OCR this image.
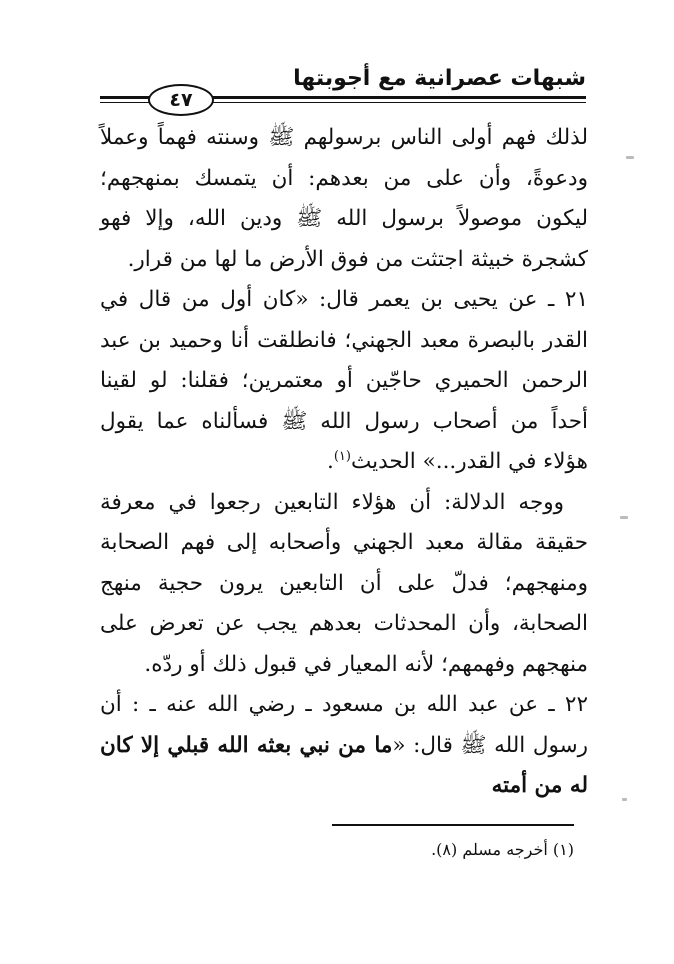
شبهات عصرانية مع أجوبتها
٤٧

لذلك فهم أولى الناس برسولهم ﷺ وسنته فهماً وعملاً ودعوةً، وأن على من بعدهم: أن يتمسك بمنهجهم؛ ليكون موصولاً برسول الله ﷺ ودين الله، وإلا فهو كشجرة خبيثة اجتثت من فوق الأرض ما لها من قرار.

٢١ ـ عن يحيى بن يعمر قال: «كان أول من قال في القدر بالبصرة معبد الجهني؛ فانطلقت أنا وحميد بن عبد الرحمن الحميري حاجّين أو معتمرين؛ فقلنا: لو لقينا أحداً من أصحاب رسول الله ﷺ فسألناه عما يقول هؤلاء في القدر...» الحديث$^{(١)}$.

ووجه الدلالة: أن هؤلاء التابعين رجعوا في معرفة حقيقة مقالة معبد الجهني وأصحابه إلى فهم الصحابة ومنهجهم؛ فدلّ على أن التابعين يرون حجية منهج الصحابة، وأن المحدثات بعدهم يجب عن تعرض على منهجهم وفهمهم؛ لأنه المعيار في قبول ذلك أو ردّه.

٢٢ ـ عن عبد الله بن مسعود ـ رضي الله عنه ـ : أن رسول الله ﷺ قال: «ما من نبي بعثه الله قبلي إلا كان له من أمته

(١) أخرجه مسلم (٨).
